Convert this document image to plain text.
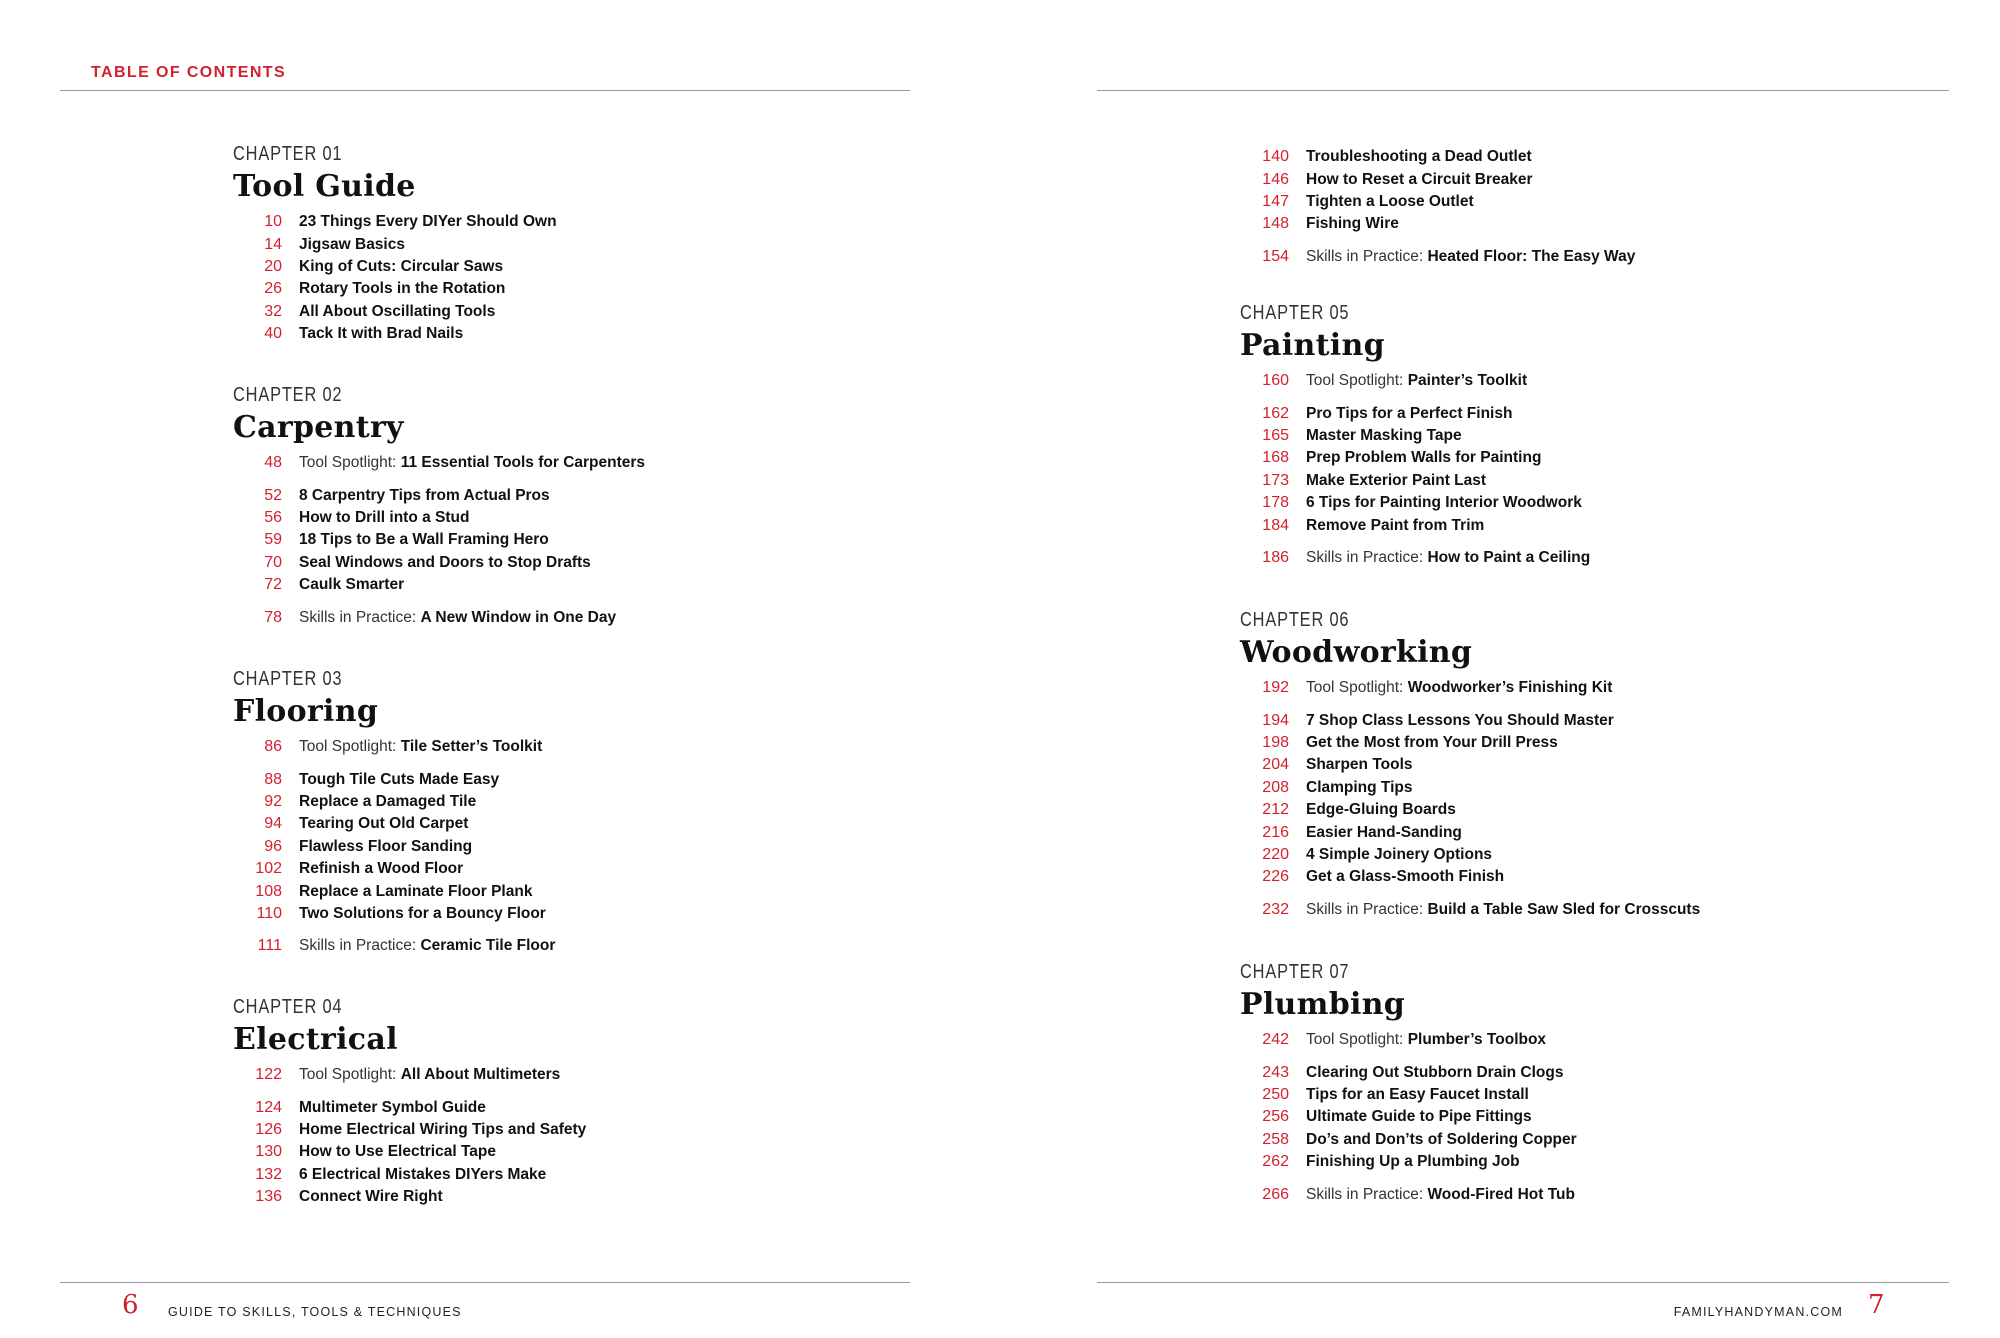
TABLE OF CONTENTS
CHAPTER 01
Tool Guide
10	23 Things Every DIYer Should Own
14	Jigsaw Basics
20	King of Cuts: Circular Saws
26	Rotary Tools in the Rotation
32	All About Oscillating Tools
40	Tack It with Brad Nails
CHAPTER 02
Carpentry
48	Tool Spotlight: 11 Essential Tools for Carpenters
52	8 Carpentry Tips from Actual Pros
56	How to Drill into a Stud
59	18 Tips to Be a Wall Framing Hero
70	Seal Windows and Doors to Stop Drafts
72	Caulk Smarter
78	Skills in Practice: A New Window in One Day
CHAPTER 03
Flooring
86	Tool Spotlight: Tile Setter’s Toolkit
88	Tough Tile Cuts Made Easy
92	Replace a Damaged Tile
94	Tearing Out Old Carpet
96	Flawless Floor Sanding
102	Refinish a Wood Floor
108	Replace a Laminate Floor Plank
110	Two Solutions for a Bouncy Floor
111	Skills in Practice: Ceramic Tile Floor
CHAPTER 04
Electrical
122	Tool Spotlight: All About Multimeters
124	Multimeter Symbol Guide
126	Home Electrical Wiring Tips and Safety
130	How to Use Electrical Tape
132	6 Electrical Mistakes DIYers Make
136	Connect Wire Right
6 GUIDE TO SKILLS, TOOLS & TECHNIQUES
140	Troubleshooting a Dead Outlet
146	How to Reset a Circuit Breaker
147	Tighten a Loose Outlet
148	Fishing Wire
154	Skills in Practice: Heated Floor: The Easy Way
CHAPTER 05
Painting
160	Tool Spotlight: Painter’s Toolkit
162	Pro Tips for a Perfect Finish
165	Master Masking Tape
168	Prep Problem Walls for Painting
173	Make Exterior Paint Last
178	6 Tips for Painting Interior Woodwork
184	Remove Paint from Trim
186	Skills in Practice: How to Paint a Ceiling
CHAPTER 06
Woodworking
192	Tool Spotlight: Woodworker’s Finishing Kit
194	7 Shop Class Lessons You Should Master
198	Get the Most from Your Drill Press
204	Sharpen Tools
208	Clamping Tips
212	Edge-Gluing Boards
216	Easier Hand-Sanding
220	4 Simple Joinery Options
226	Get a Glass-Smooth Finish
232	Skills in Practice: Build a Table Saw Sled for Crosscuts
CHAPTER 07
Plumbing
242	Tool Spotlight: Plumber’s Toolbox
243	Clearing Out Stubborn Drain Clogs
250	Tips for an Easy Faucet Install
256	Ultimate Guide to Pipe Fittings
258	Do’s and Don’ts of Soldering Copper
262	Finishing Up a Plumbing Job
266	Skills in Practice: Wood-Fired Hot Tub
FAMILYHANDYMAN.COM 7
